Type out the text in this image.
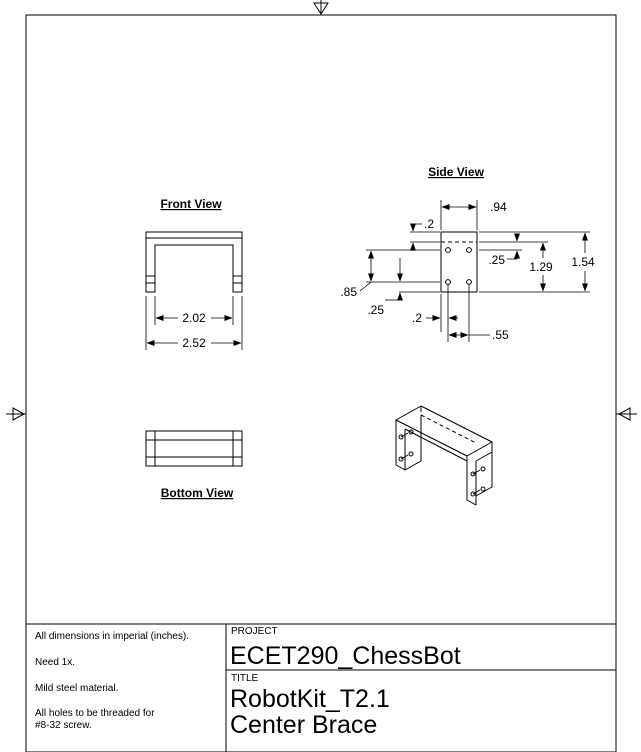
Front View
Side View
Bottom View
2.02
2.52
.94
.2
.25 1.29 1.54
.85
.25
.2
.55
All dimensions in imperial (inches).
Need 1x.
Mild steel material.
All holes to be threaded for
#8-32 screw.
PROJECT
ECET290_ChessBot
TITLE
RobotKit_T2.1
Center Brace
